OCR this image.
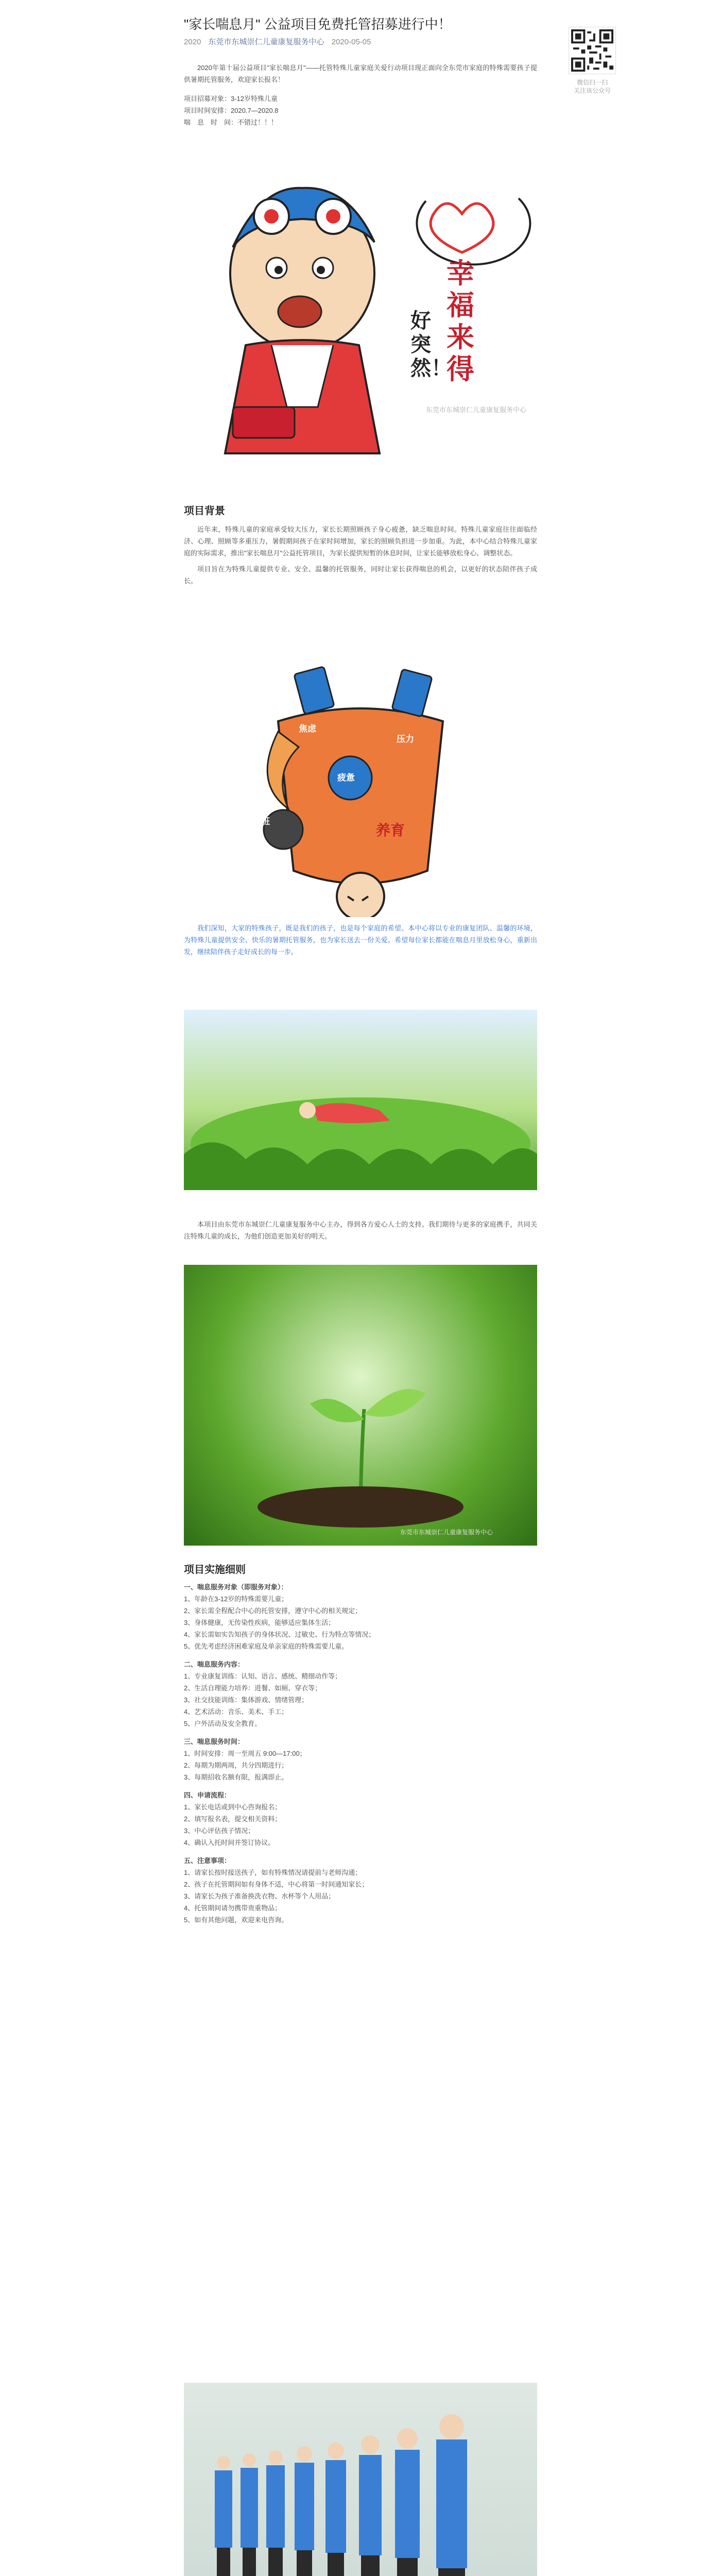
"家长喘息月" 公益项目免费托管招募进行中！
2020 东莞市东城崇仁儿童康复服务中心 2020-05-05
微信扫一扫
关注该公众号

2020年第十届公益项目"家长喘息月"——托管特殊儿童家庭关爱行动项目现正面向全东莞市家庭的特殊需要孩子提供暑期托管服务，欢迎家长报名！

项目招募对象：3-12岁特殊儿童

项目时间安排：2020.7—2020.8

喘　息　时　间：不错过！！！

东莞市东城崇仁儿童康复服务中心
幸福来得
好突然！
项目背景

近年来，特殊儿童的家庭承受较大压力，家长长期照顾孩子身心疲惫，缺乏喘息时间。特殊儿童家庭往往面临经济、心理、照顾等多重压力，暑假期间孩子在家时间增加，家长的照顾负担进一步加重。为此，本中心结合特殊儿童家庭的实际需求，推出"家长喘息月"公益托管项目，为家长提供短暂的休息时间，让家长能够放松身心、调整状态。

项目旨在为特殊儿童提供专业、安全、温馨的托管服务，同时让家长获得喘息的机会，以更好的状态陪伴孩子成长。

加班
焦虑
压力
疲惫
养育

我们深知，大家的特殊孩子，既是我们的孩子，也是每个家庭的希望。本中心将以专业的康复团队、温馨的环境，为特殊儿童提供安全、快乐的暑期托管服务，也为家长送去一份关爱。希望每位家长都能在喘息月里放松身心，重新出发，继续陪伴孩子走好成长的每一步。

本项目由东莞市东城崇仁儿童康复服务中心主办，得到各方爱心人士的支持。我们期待与更多的家庭携手，共同关注特殊儿童的成长，为他们创造更加美好的明天。

东莞市东城崇仁儿童康复服务中心
项目实施细则

一、喘息服务对象（即服务对象）：

1、年龄在3-12岁的特殊需要儿童；

2、家长需全程配合中心的托管安排，遵守中心的相关规定；

3、身体健康，无传染性疾病，能够适应集体生活；

4、家长需如实告知孩子的身体状况、过敏史、行为特点等情况；

5、优先考虑经济困难家庭及单亲家庭的特殊需要儿童。

二、喘息服务内容：

1、专业康复训练：认知、语言、感统、精细动作等；

2、生活自理能力培养：进餐、如厕、穿衣等；

3、社交技能训练：集体游戏、情绪管理；

4、艺术活动：音乐、美术、手工；

5、户外活动及安全教育。

三、喘息服务时间：

1、时间安排：周一至周五 9:00—17:00；

2、每期为期两周，共分四期进行；

3、每期招收名额有限，报满即止。

四、申请流程：

1、家长电话或到中心咨询报名；

2、填写报名表，提交相关资料；

3、中心评估孩子情况；

4、确认入托时间并签订协议。

五、注意事项：

1、请家长按时接送孩子，如有特殊情况请提前与老师沟通；

2、孩子在托管期间如有身体不适，中心将第一时间通知家长；

3、请家长为孩子准备换洗衣物、水杯等个人用品；

4、托管期间请勿携带贵重物品；

5、如有其他问题，欢迎来电咨询。
